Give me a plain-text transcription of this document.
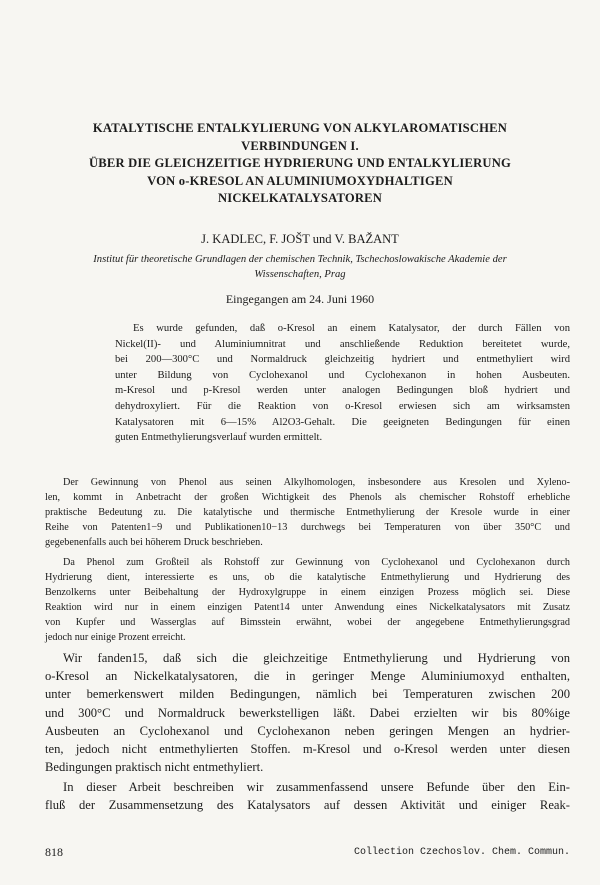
KATALYTISCHE ENTALKYLIERUNG VON ALKYLAROMATISCHEN
VERBINDUNGEN I.
ÜBER DIE GLEICHZEITIGE HYDRIERUNG UND ENTALKYLIERUNG
VON o-KRESOL AN ALUMINIUMOXYDHALTIGEN
NICKELKATALYSATOREN
J. KADLEC, F. JOŠT und V. BAŽANT
Institut für theoretische Grundlagen der chemischen Technik, Tschechoslowakische Akademie der
Wissenschaften, Prag
Eingegangen am 24. Juni 1960
Es wurde gefunden, daß o-Kresol an einem Katalysator, der durch Fällen von
Nickel(II)- und Aluminiumnitrat und anschließende Reduktion bereitetet wurde,
bei 200—300°C und Normaldruck gleichzeitig hydriert und entmethyliert wird
unter Bildung von Cyclohexanol und Cyclohexanon in hohen Ausbeuten.
m-Kresol und p-Kresol werden unter analogen Bedingungen bloß hydriert und
dehydroxyliert. Für die Reaktion von o-Kresol erwiesen sich am wirksamsten
Katalysatoren mit 6—15% Al2O3-Gehalt. Die geeigneten Bedingungen für einen
guten Entmethylierungsverlauf wurden ermittelt.
Der Gewinnung von Phenol aus seinen Alkylhomologen, insbesondere aus Kresolen und Xyleno-
len, kommt in Anbetracht der großen Wichtigkeit des Phenols als chemischer Rohstoff erhebliche
praktische Bedeutung zu. Die katalytische und thermische Entmethylierung der Kresole wurde in einer
Reihe von Patenten1−9 und Publikationen10−13 durchwegs bei Temperaturen von über 350°C und
gegebenenfalls auch bei höherem Druck beschrieben.
Da Phenol zum Großteil als Rohstoff zur Gewinnung von Cyclohexanol und Cyclohexanon durch
Hydrierung dient, interessierte es uns, ob die katalytische Entmethylierung und Hydrierung des
Benzolkerns unter Beibehaltung der Hydroxylgruppe in einem einzigen Prozess möglich sei. Diese
Reaktion wird nur in einem einzigen Patent14 unter Anwendung eines Nickelkatalysators mit Zusatz
von Kupfer und Wasserglas auf Bimsstein erwähnt, wobei der angegebene Entmethylierungsgrad
jedoch nur einige Prozent erreicht.
Wir fanden15, daß sich die gleichzeitige Entmethylierung und Hydrierung von
o-Kresol an Nickelkatalysatoren, die in geringer Menge Aluminiumoxyd enthalten,
unter bemerkenswert milden Bedingungen, nämlich bei Temperaturen zwischen 200
und 300°C und Normaldruck bewerkstelligen läßt. Dabei erzielten wir bis 80%ige
Ausbeuten an Cyclohexanol und Cyclohexanon neben geringen Mengen an hydrier-
ten, jedoch nicht entmethylierten Stoffen. m-Kresol und o-Kresol werden unter diesen
Bedingungen praktisch nicht entmethyliert.
In dieser Arbeit beschreiben wir zusammenfassend unsere Befunde über den Ein-
fluß der Zusammensetzung des Katalysators auf dessen Aktivität und einiger Reak-
818	Collection Czechoslov. Chem. Commun.
